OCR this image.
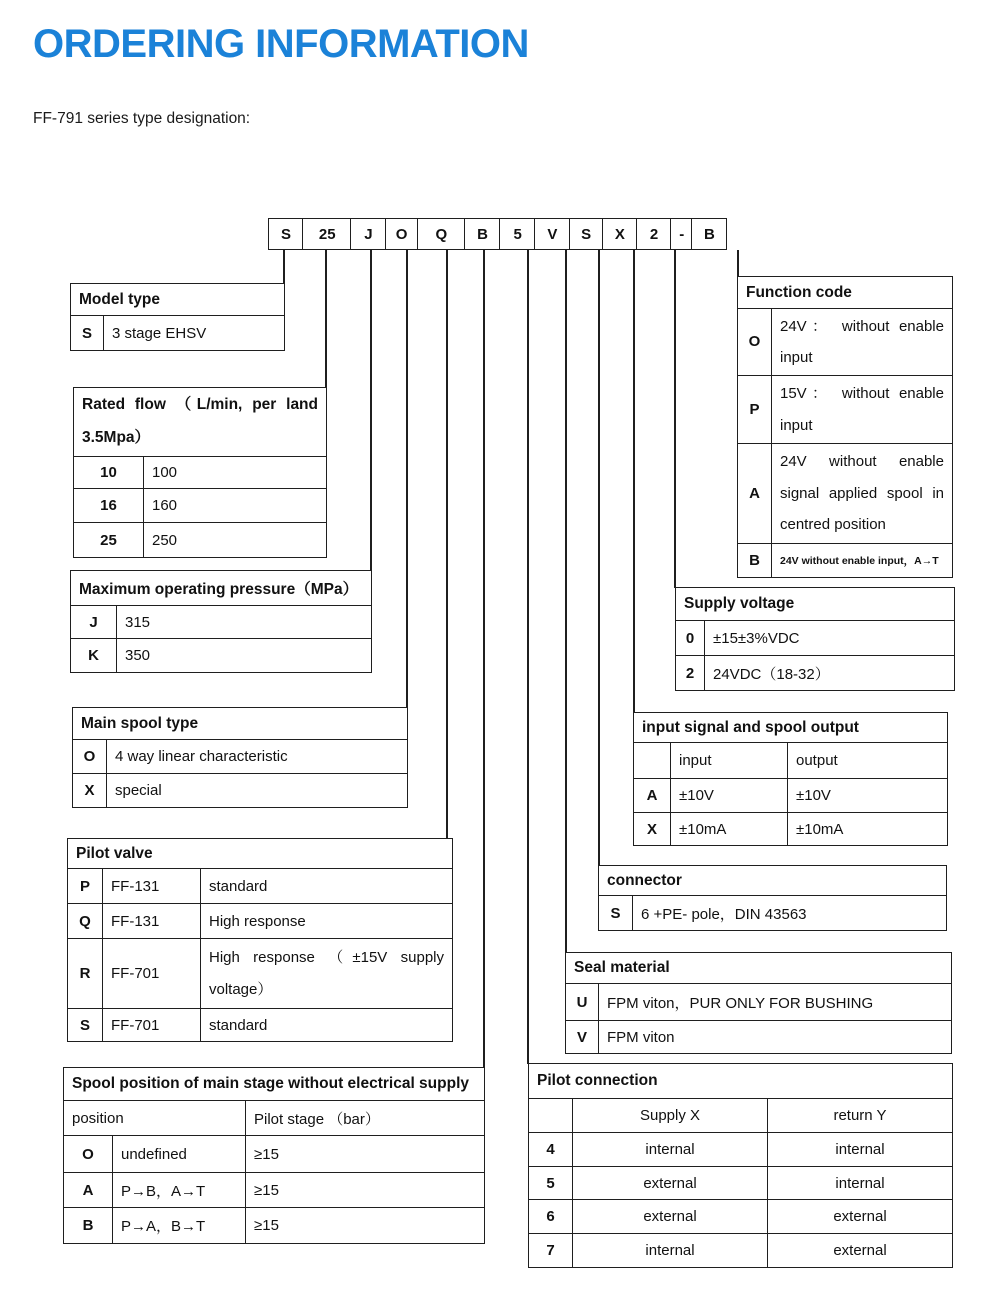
ORDERING INFORMATION
FF-791 series type designation:
S	25	J	O	Q	B	5	V	S	X	2	-	B
Model type
S	3 stage EHSV
Rated flow （L/min, per land 3.5Mpa）	
10	100
16	160
25	250
Maximum operating pressure（MPa）	
J	315
K	350
Main spool type	
O	4 way linear characteristic
X	special
Pilot valve		
P	FF-131	standard
Q	FF-131	High response
R	FF-701	High response （±15V supply voltage）
S	FF-701	standard
Spool position of main stage without electrical supply		
position		Pilot stage （bar）
O	undefined	≥15
A	P→B，A→T	≥15
B	P→A，B→T	≥15
Function code	
O	24V： without enable input
P	15V： without enable input
A	24V without enable signal applied spool in centred position
B	24V without enable input，A→T
Supply voltage	
0	±15±3%VDC
2	24VDC（18-32）
input signal and spool output		
	input	output
A	±10V	±10V
X	±10mA	±10mA
connector
S	6 +PE- pole，DIN 43563
Seal material	
U	FPM viton，PUR ONLY FOR BUSHING
V	FPM viton
Pilot connection		
	Supply X	return Y
4	internal	internal
5	external	internal
6	external	external
7	internal	external
